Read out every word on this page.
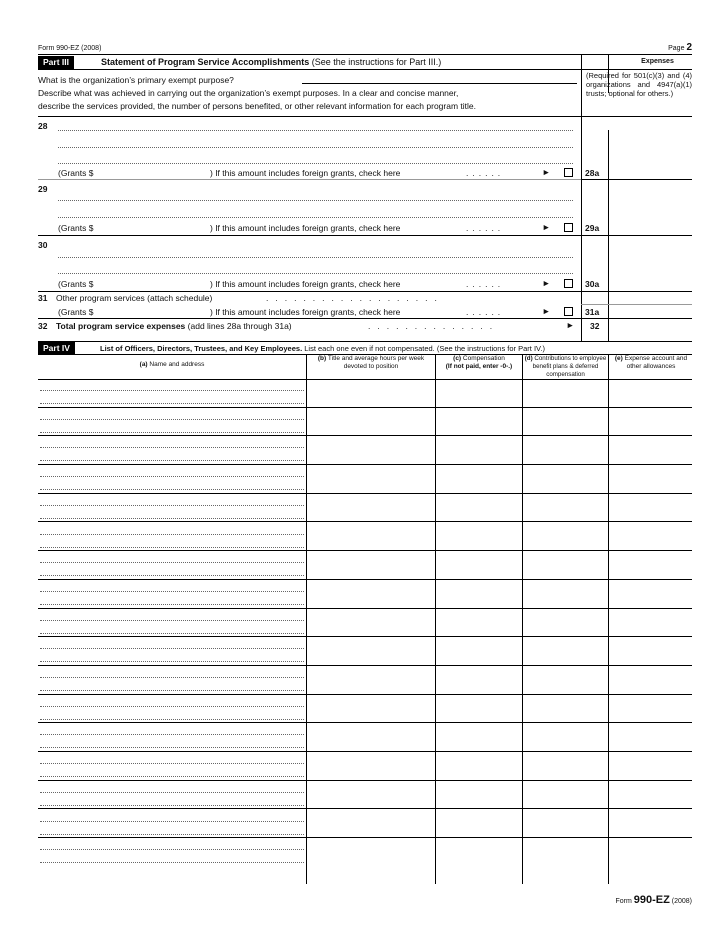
Form 990-EZ (2008)	Page 2
Part III	Statement of Program Service Accomplishments (See the instructions for Part III.)	Expenses
What is the organization’s primary exempt purpose?
Describe what was achieved in carrying out the organization’s exempt purposes. In a clear and concise manner,
describe the services provided, the number of persons benefited, or other relevant information for each program title.
(Required for 501(c)(3) and (4) organizations and 4947(a)(1) trusts; optional for others.)
28
(Grants $	) If this amount includes foreign grants, check here	......	►	28a
29
(Grants $	) If this amount includes foreign grants, check here	......	►	29a
30
(Grants $	) If this amount includes foreign grants, check here	......	►	30a
31 Other program services (attach schedule)	...................
(Grants $	) If this amount includes foreign grants, check here	......	►	31a
32 Total program service expenses (add lines 28a through 31a)	..............	► 32
Part IV	List of Officers, Directors, Trustees, and Key Employees. List each one even if not compensated. (See the instructions for Part IV.)
(a) Name and address
(b) Title and average hours per week devoted to position
(c) Compensation
(If not paid, enter -0-.)
(d) Contributions to employee benefit plans & deferred compensation
(e) Expense account and other allowances
Form 990-EZ (2008)
